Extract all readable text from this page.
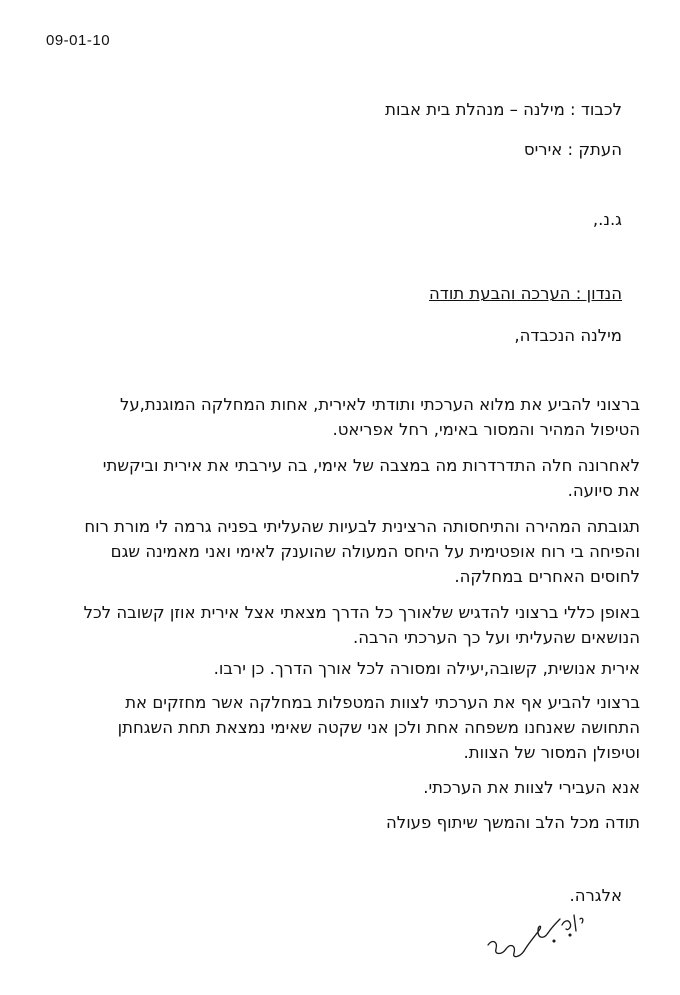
09-01-10
לכבוד : מילנה – מנהלת בית אבות
העתק : איריס
ג.נ.,
הנדון : הערכה והבעת תודה
מילנה הנכבדה,
ברצוני להביע את מלוא הערכתי ותודתי לאירית, אחות המחלקה המוגנת,על הטיפול המהיר והמסור באימי, רחל אפריאט.
לאחרונה חלה התדרדרות מה במצבה של אימי, בה עירבתי את אירית וביקשתי את סיועה.
תגובתה המהירה והתיחסותה הרצינית לבעיות שהעליתי בפניה גרמה לי מורת רוח והפיחה בי רוח אופטימית על היחס המעולה שהוענק לאימי ואני מאמינה שגם לחוסים האחרים במחלקה.
באופן כללי ברצוני להדגיש שלאורך כל הדרך מצאתי אצל אירית אוזן קשובה לכל הנושאים שהעליתי ועל כך הערכתי הרבה.
אירית אנושית, קשובה,יעילה ומסורה לכל אורך הדרך. כן ירבו.
ברצוני להביע אף את הערכתי לצוות המטפלות במחלקה אשר מחזקים את התחושה שאנחנו משפחה אחת ולכן אני שקטה שאימי נמצאת תחת השגחתן וטיפולן המסור של הצוות.
אנא העבירי לצוות את הערכתי.
תודה מכל הלב והמשך שיתוף פעולה
אלגרה.
